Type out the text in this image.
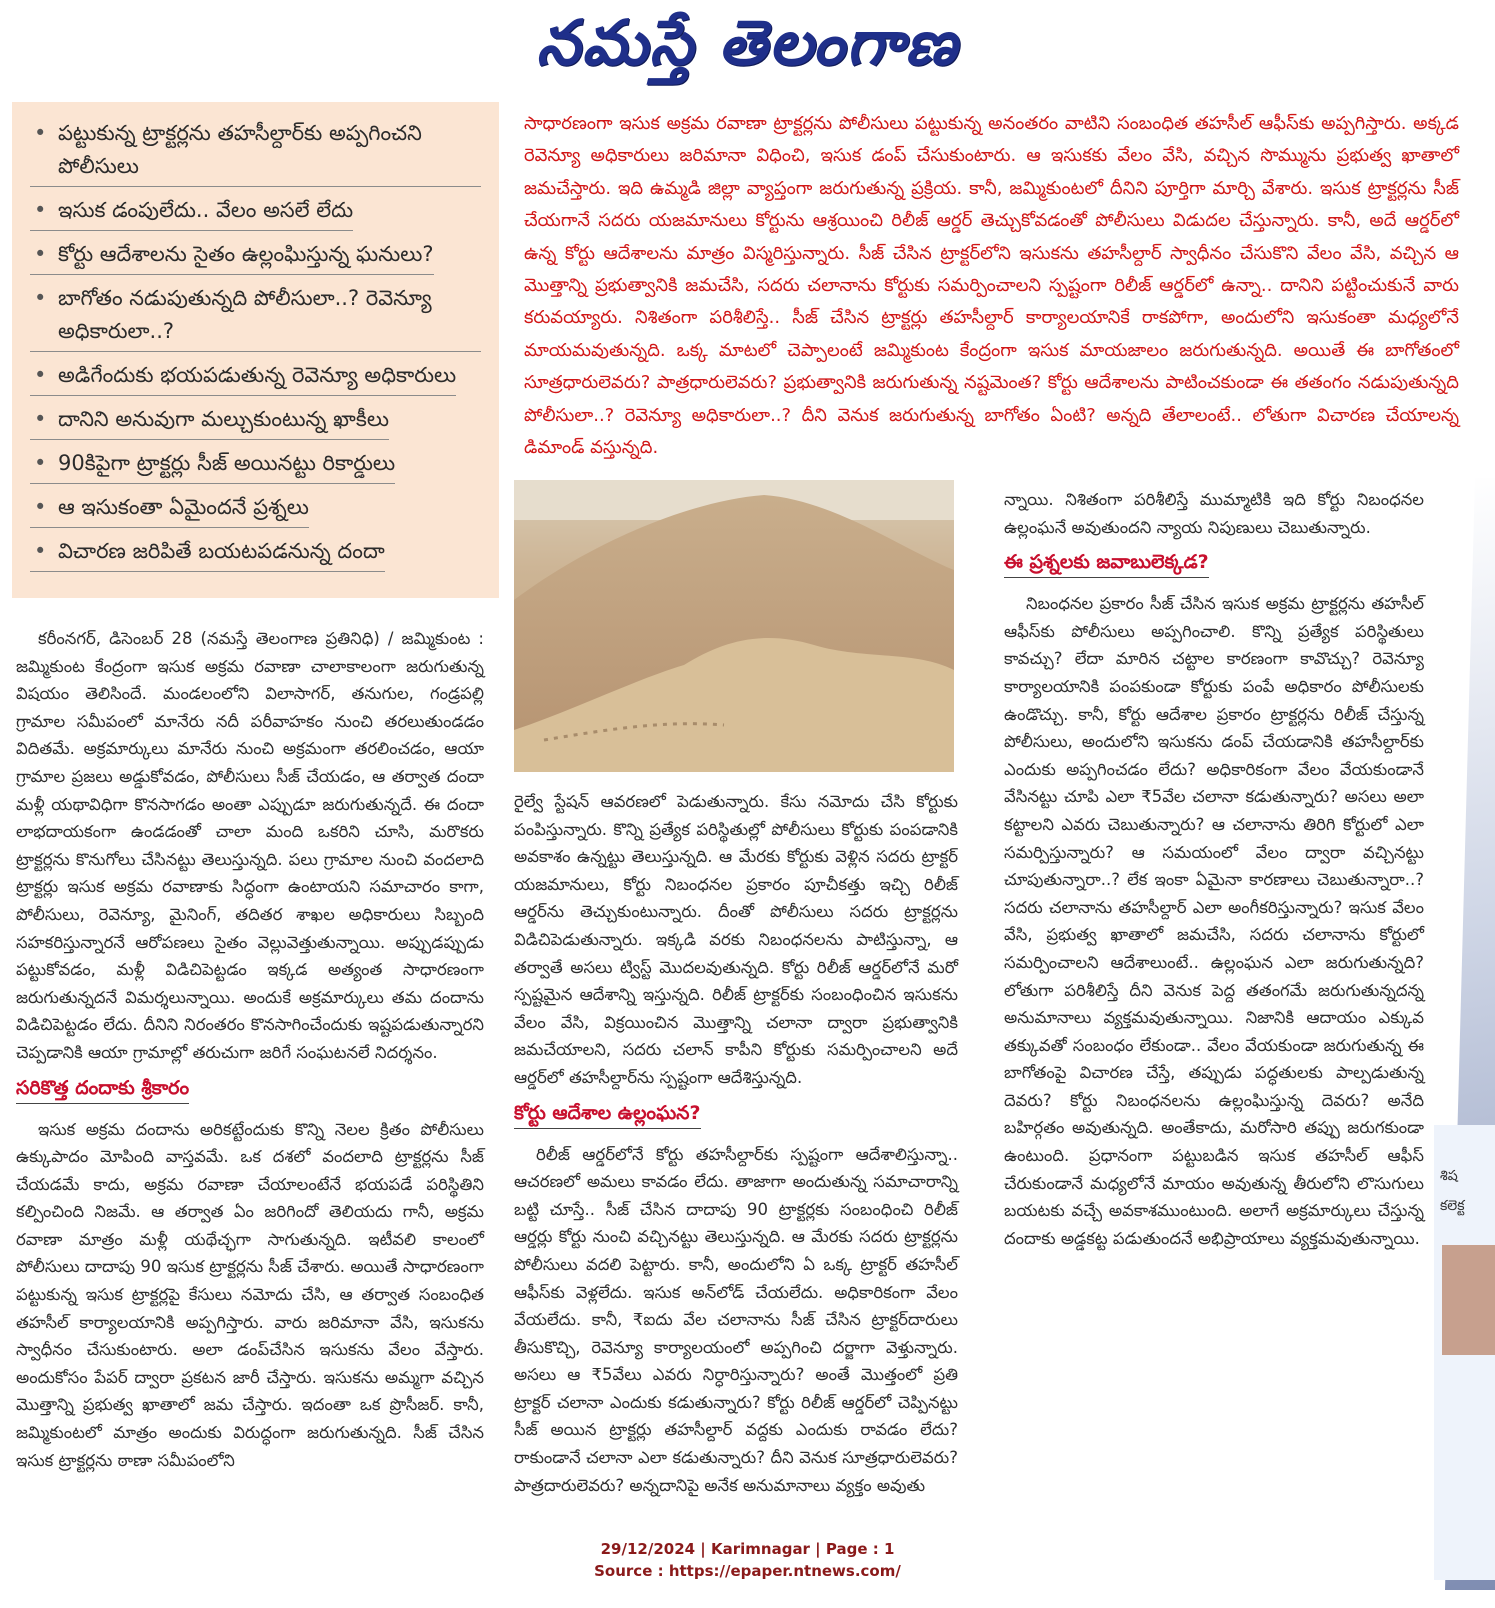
నమస్తే తెలంగాణ
• పట్టుకున్న ట్రాక్టర్లను తహసీల్దార్‌కు అప్పగించని పోలీసులు
• ఇసుక డంపులేదు.. వేలం అసలే లేదు
• కోర్టు ఆదేశాలను సైతం ఉల్లంఘిస్తున్న ఘనులు?
• బాగోతం నడుపుతున్నది పోలీసులా..? రెవెన్యూ అధికారులా..?
• అడిగేందుకు భయపడుతున్న రెవెన్యూ అధికారులు
• దానిని అనువుగా మల్చుకుంటున్న ఖాకీలు
• 90కిపైగా ట్రాక్టర్లు సీజ్ అయినట్టు రికార్డులు
• ఆ ఇసుకంతా ఏమైందనే ప్రశ్నలు
• విచారణ జరిపితే బయటపడనున్న దందా

సాధారణంగా ఇసుక అక్రమ రవాణా ట్రాక్టర్లను పోలీసులు పట్టుకున్న అనంతరం వాటిని సంబంధిత తహసీల్ ఆఫీస్‌కు అప్పగిస్తారు. అక్కడ రెవెన్యూ అధికారులు జరిమానా విధించి, ఇసుక డంప్ చేసుకుంటారు. ఆ ఇసుకకు వేలం వేసి, వచ్చిన సొమ్మును ప్రభుత్వ ఖాతాలో జమచేస్తారు. ఇది ఉమ్మడి జిల్లా వ్యాప్తంగా జరుగుతున్న ప్రక్రియ. కానీ, జమ్మికుంటలో దీనిని పూర్తిగా మార్చి వేశారు. ఇసుక ట్రాక్టర్లను సీజ్ చేయగానే సదరు యజమానులు కోర్టును ఆశ్రయించి రిలీజ్ ఆర్డర్ తెచ్చుకోవడంతో పోలీసులు విడుదల చేస్తున్నారు. కానీ, అదే ఆర్డర్‌లో ఉన్న కోర్టు ఆదేశాలను మాత్రం విస్మరిస్తున్నారు. సీజ్ చేసిన ట్రాక్టర్‌లోని ఇసుకను తహసీల్దార్ స్వాధీనం చేసుకొని వేలం వేసి, వచ్చిన ఆ మొత్తాన్ని ప్రభుత్వానికి జమచేసి, సదరు చలానాను కోర్టుకు సమర్పించాలని స్పష్టంగా రిలీజ్ ఆర్డర్‌లో ఉన్నా.. దానిని పట్టించుకునే వారు కరువయ్యారు. నిశితంగా పరిశీలిస్తే.. సీజ్ చేసిన ట్రాక్టర్లు తహసీల్దార్ కార్యాలయానికే రాకపోగా, అందులోని ఇసుకంతా మధ్యలోనే మాయమవుతున్నది. ఒక్క మాటలో చెప్పాలంటే జమ్మికుంట కేంద్రంగా ఇసుక మాయజాలం జరుగుతున్నది. అయితే ఈ బాగోతంలో సూత్రధారులెవరు? పాత్రధారులెవరు? ప్రభుత్వానికి జరుగుతున్న నష్టమెంత? కోర్టు ఆదేశాలను పాటించకుండా ఈ తతంగం నడుపుతున్నది పోలీసులా..? రెవెన్యూ అధికారులా..? దీని వెనుక జరుగుతున్న బాగోతం ఏంటి? అన్నది తేలాలంటే.. లోతుగా విచారణ చేయాలన్న డిమాండ్ వస్తున్నది.

కరీంనగర్, డిసెంబర్ 28 (నమస్తే తెలంగాణ ప్రతినిధి) / జమ్మికుంట : జమ్మికుంట కేంద్రంగా ఇసుక అక్రమ రవాణా చాలాకాలంగా జరుగుతున్న విషయం తెలిసిందే. మండలంలోని విలాసాగర్, తనుగుల, గండ్రపల్లి గ్రామాల సమీపంలో మానేరు నదీ పరీవాహకం నుంచి తరలుతుండడం విదితమే. అక్రమార్కులు మానేరు నుంచి అక్రమంగా తరలించడం, ఆయా గ్రామాల ప్రజలు అడ్డుకోవడం, పోలీసులు సీజ్ చేయడం, ఆ తర్వాత దందా మళ్లీ యథావిధిగా కొనసాగడం అంతా ఎప్పుడూ జరుగుతున్నదే. ఈ దందా లాభదాయకంగా ఉండడంతో చాలా మంది ఒకరిని చూసి, మరొకరు ట్రాక్టర్లను కొనుగోలు చేసినట్టు తెలుస్తున్నది. పలు గ్రామాల నుంచి వందలాది ట్రాక్టర్లు ఇసుక అక్రమ రవాణాకు సిద్ధంగా ఉంటాయని సమాచారం కాగా, పోలీసులు, రెవెన్యూ, మైనింగ్, తదితర శాఖల అధికారులు సిబ్బంది సహకరిస్తున్నారనే ఆరోపణలు సైతం వెల్లువెత్తుతున్నాయి. అప్పుడప్పుడు పట్టుకోవడం, మళ్లీ విడిచిపెట్టడం ఇక్కడ అత్యంత సాధారణంగా జరుగుతున్నదనే విమర్శలున్నాయి. అందుకే అక్రమార్కులు తమ దందాను విడిచిపెట్టడం లేదు. దీనిని నిరంతరం కొనసాగించేందుకు ఇష్టపడుతున్నారని చెప్పడానికి ఆయా గ్రామాల్లో తరుచుగా జరిగే సంఘటనలే నిదర్శనం.

సరికొత్త దందాకు శ్రీకారం

ఇసుక అక్రమ దందాను అరికట్టేందుకు కొన్ని నెలల క్రితం పోలీసులు ఉక్కుపాదం మోపింది వాస్తవమే. ఒక దశలో వందలాది ట్రాక్టర్లను సీజ్ చేయడమే కాదు, అక్రమ రవాణా చేయాలంటేనే భయపడే పరిస్థితిని కల్పించింది నిజమే. ఆ తర్వాత ఏం జరిగిందో తెలియదు గానీ, అక్రమ రవాణా మాత్రం మళ్లీ యథేచ్ఛగా సాగుతున్నది. ఇటీవలి కాలంలో పోలీసులు దాదాపు 90 ఇసుక ట్రాక్టర్లను సీజ్ చేశారు. అయితే సాధారణంగా పట్టుకున్న ఇసుక ట్రాక్టర్లపై కేసులు నమోదు చేసి, ఆ తర్వాత సంబంధిత తహసీల్ కార్యాలయానికి అప్పగిస్తారు. వారు జరిమానా వేసి, ఇసుకను స్వాధీనం చేసుకుంటారు. అలా డంప్‌చేసిన ఇసుకను వేలం వేస్తారు. అందుకోసం పేపర్ ద్వారా ప్రకటన జారీ చేస్తారు. ఇసుకను అమ్మగా వచ్చిన మొత్తాన్ని ప్రభుత్వ ఖాతాలో జమ చేస్తారు. ఇదంతా ఒక ప్రొసీజర్. కానీ, జమ్మికుంటలో మాత్రం అందుకు విరుద్ధంగా జరుగుతున్నది. సీజ్ చేసిన ఇసుక ట్రాక్టర్లను ఠాణా సమీపంలోని

రైల్వే స్టేషన్ ఆవరణలో పెడుతున్నారు. కేసు నమోదు చేసి కోర్టుకు పంపిస్తున్నారు. కొన్ని ప్రత్యేక పరిస్థితుల్లో పోలీసులు కోర్టుకు పంపడానికి అవకాశం ఉన్నట్టు తెలుస్తున్నది. ఆ మేరకు కోర్టుకు వెళ్లిన సదరు ట్రాక్టర్ యజమానులు, కోర్టు నిబంధనల ప్రకారం పూచీకత్తు ఇచ్చి రిలీజ్ ఆర్డర్‌ను తెచ్చుకుంటున్నారు. దీంతో పోలీసులు సదరు ట్రాక్టర్లను విడిచిపెడుతున్నారు. ఇక్కడి వరకు నిబంధనలను పాటిస్తున్నా, ఆ తర్వాతే అసలు ట్విస్ట్ మొదలవుతున్నది. కోర్టు రిలీజ్ ఆర్డర్‌లోనే మరో స్పష్టమైన ఆదేశాన్ని ఇస్తున్నది. రిలీజ్ ట్రాక్టర్‌కు సంబంధించిన ఇసుకను వేలం వేసి, విక్రయించిన మొత్తాన్ని చలానా ద్వారా ప్రభుత్వానికి జమచేయాలని, సదరు చలాన్ కాపీని కోర్టుకు సమర్పించాలని అదే ఆర్డర్‌లో తహసీల్దార్‌ను స్పష్టంగా ఆదేశిస్తున్నది.

కోర్టు ఆదేశాల ఉల్లంఘన?

రిలీజ్ ఆర్డర్‌లోనే కోర్టు తహసీల్దార్‌కు స్పష్టంగా ఆదేశాలిస్తున్నా.. ఆచరణలో అమలు కావడం లేదు. తాజాగా అందుతున్న సమాచారాన్ని బట్టి చూస్తే.. సీజ్ చేసిన దాదాపు 90 ట్రాక్టర్లకు సంబంధించి రిలీజ్ ఆర్డర్లు కోర్టు నుంచి వచ్చినట్టు తెలుస్తున్నది. ఆ మేరకు సదరు ట్రాక్టర్లను పోలీసులు వదలి పెట్టారు. కానీ, అందులోని ఏ ఒక్క ట్రాక్టర్ తహసీల్ ఆఫీస్‌కు వెళ్లలేదు. ఇసుక అన్‌లోడ్ చేయలేదు. అధికారికంగా వేలం వేయలేదు. కానీ, ₹ఐదు వేల చలానాను సీజ్ చేసిన ట్రాక్టర్‌దారులు తీసుకొచ్చి, రెవెన్యూ కార్యాలయంలో అప్పగించి దర్జాగా వెళ్తున్నారు. అసలు ఆ ₹5వేలు ఎవరు నిర్ధారిస్తున్నారు? అంతే మొత్తంలో ప్రతి ట్రాక్టర్ చలానా ఎందుకు కడుతున్నారు? కోర్టు రిలీజ్ ఆర్డర్‌లో చెప్పినట్టు సీజ్ అయిన ట్రాక్టర్లు తహసీల్దార్ వద్దకు ఎందుకు రావడం లేదు? రాకుండానే చలానా ఎలా కడుతున్నారు? దీని వెనుక సూత్రధారులెవరు? పాత్రదారులెవరు? అన్నదానిపై అనేక అనుమానాలు వ్యక్తం అవుతు

న్నాయి. నిశితంగా పరిశీలిస్తే ముమ్మాటికి ఇది కోర్టు నిబంధనల ఉల్లంఘనే అవుతుందని న్యాయ నిపుణులు చెబుతున్నారు.

ఈ ప్రశ్నలకు జవాబులెక్కడ?

నిబంధనల ప్రకారం సీజ్ చేసిన ఇసుక అక్రమ ట్రాక్టర్లను తహసీల్ ఆఫీస్‌కు పోలీసులు అప్పగించాలి. కొన్ని ప్రత్యేక పరిస్థితులు కావచ్చు? లేదా మారిన చట్టాల కారణంగా కావొచ్చు? రెవెన్యూ కార్యాలయానికి పంపకుండా కోర్టుకు పంపే అధికారం పోలీసులకు ఉండొచ్చు. కానీ, కోర్టు ఆదేశాల ప్రకారం ట్రాక్టర్లను రిలీజ్ చేస్తున్న పోలీసులు, అందులోని ఇసుకను డంప్ చేయడానికి తహసీల్దార్‌కు ఎందుకు అప్పగించడం లేదు? అధికారికంగా వేలం వేయకుండానే వేసినట్టు చూపి ఎలా ₹5వేల చలానా కడుతున్నారు? అసలు అలా కట్టాలని ఎవరు చెబుతున్నారు? ఆ చలానాను తిరిగి కోర్టులో ఎలా సమర్పిస్తున్నారు? ఆ సమయంలో వేలం ద్వారా వచ్చినట్టు చూపుతున్నారా..? లేక ఇంకా ఏమైనా కారణాలు చెబుతున్నారా..? సదరు చలానాను తహసీల్దార్ ఎలా అంగీకరిస్తున్నారు? ఇసుక వేలం వేసి, ప్రభుత్వ ఖాతాలో జమచేసి, సదరు చలానాను కోర్టులో సమర్పించాలని ఆదేశాలుంటే.. ఉల్లంఘన ఎలా జరుగుతున్నది? లోతుగా పరిశీలిస్తే దీని వెనుక పెద్ద తతంగమే జరుగుతున్నదన్న అనుమానాలు వ్యక్తమవుతున్నాయి. నిజానికి ఆదాయం ఎక్కువ తక్కువతో సంబంధం లేకుండా.. వేలం వేయకుండా జరుగుతున్న ఈ బాగోతంపై విచారణ చేస్తే, తప్పుడు పద్ధతులకు పాల్పడుతున్న దెవరు? కోర్టు నిబంధనలను ఉల్లంఘిస్తున్న దెవరు? అనేది బహిర్గతం అవుతున్నది. అంతేకాదు, మరోసారి తప్పు జరుగకుండా ఉంటుంది. ప్రధానంగా పట్టుబడిన ఇసుక తహసీల్ ఆఫీస్ చేరుకుండానే మధ్యలోనే మాయం అవుతున్న తీరులోని లొసుగులు బయటకు వచ్చే అవకాశముంటుంది. అలాగే అక్రమార్కులు చేస్తున్న దందాకు అడ్డకట్ట పడుతుందనే అభిప్రాయాలు వ్యక్తమవుతున్నాయి.

శిష
కలెక్ట
29/12/2024 | Karimnagar | Page : 1
Source : https://epaper.ntnews.com/
